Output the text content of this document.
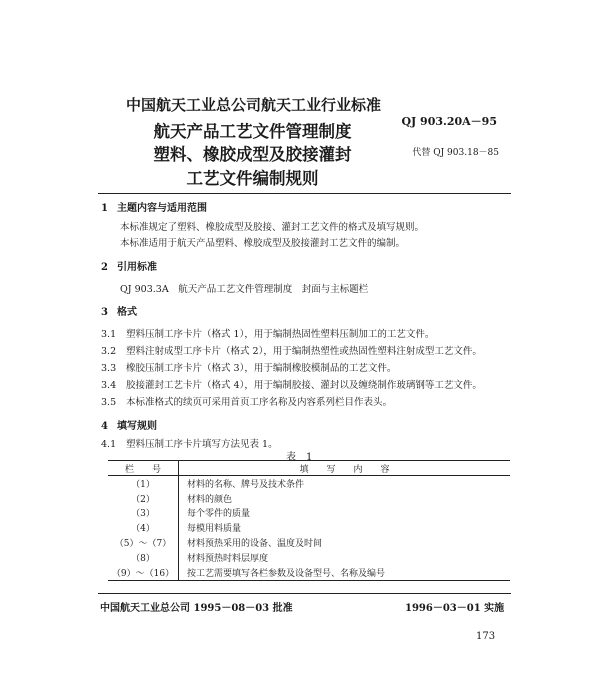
中国航天工业总公司航天工业行业标准
QJ 903.20A－95
代替 QJ 903.18－85
航天产品工艺文件管理制度
塑料、橡胶成型及胶接灌封
工艺文件编制规则
1 主题内容与适用范围
本标准规定了塑料、橡胶成型及胶接、灌封工艺文件的格式及填写规则。
本标准适用于航天产品塑料、橡胶成型及胶接灌封工艺文件的编制。
2 引用标准
QJ 903.3A　 航天产品工艺文件管理制度　封面与主标题栏
3 格式
3.1 塑料压制工序卡片（格式 1），用于编制热固性塑料压制加工的工艺文件。
3.2 塑料注射成型工序卡片（格式 2），用于编制热塑性或热固性塑料注射成型工艺文件。
3.3 橡胶压制工序卡片（格式 3），用于编制橡胶模制品的工艺文件。
3.4 胶接灌封工艺卡片（格式 4），用于编制胶接、灌封以及缠绕制作玻璃钢等工艺文件。
3.5 本标准格式的续页可采用首页工序名称及内容系列栏目作表头。
4 填写规则
4.1 塑料压制工序卡片填写方法见表 1。
表　1
栏　　号	填　　写　　内　　容
（1）	材料的名称、牌号及技术条件
（2）	材料的颜色
（3）	每个零件的质量
（4）	每模用料质量
（5）～（7）	材料预热采用的设备、温度及时间
（8）	材料预热时料层厚度
（9）～（16）	按工艺需要填写各栏参数及设备型号、名称及编号
中国航天工业总公司 1995－08－03 批准	1996－03－01 实施
173
